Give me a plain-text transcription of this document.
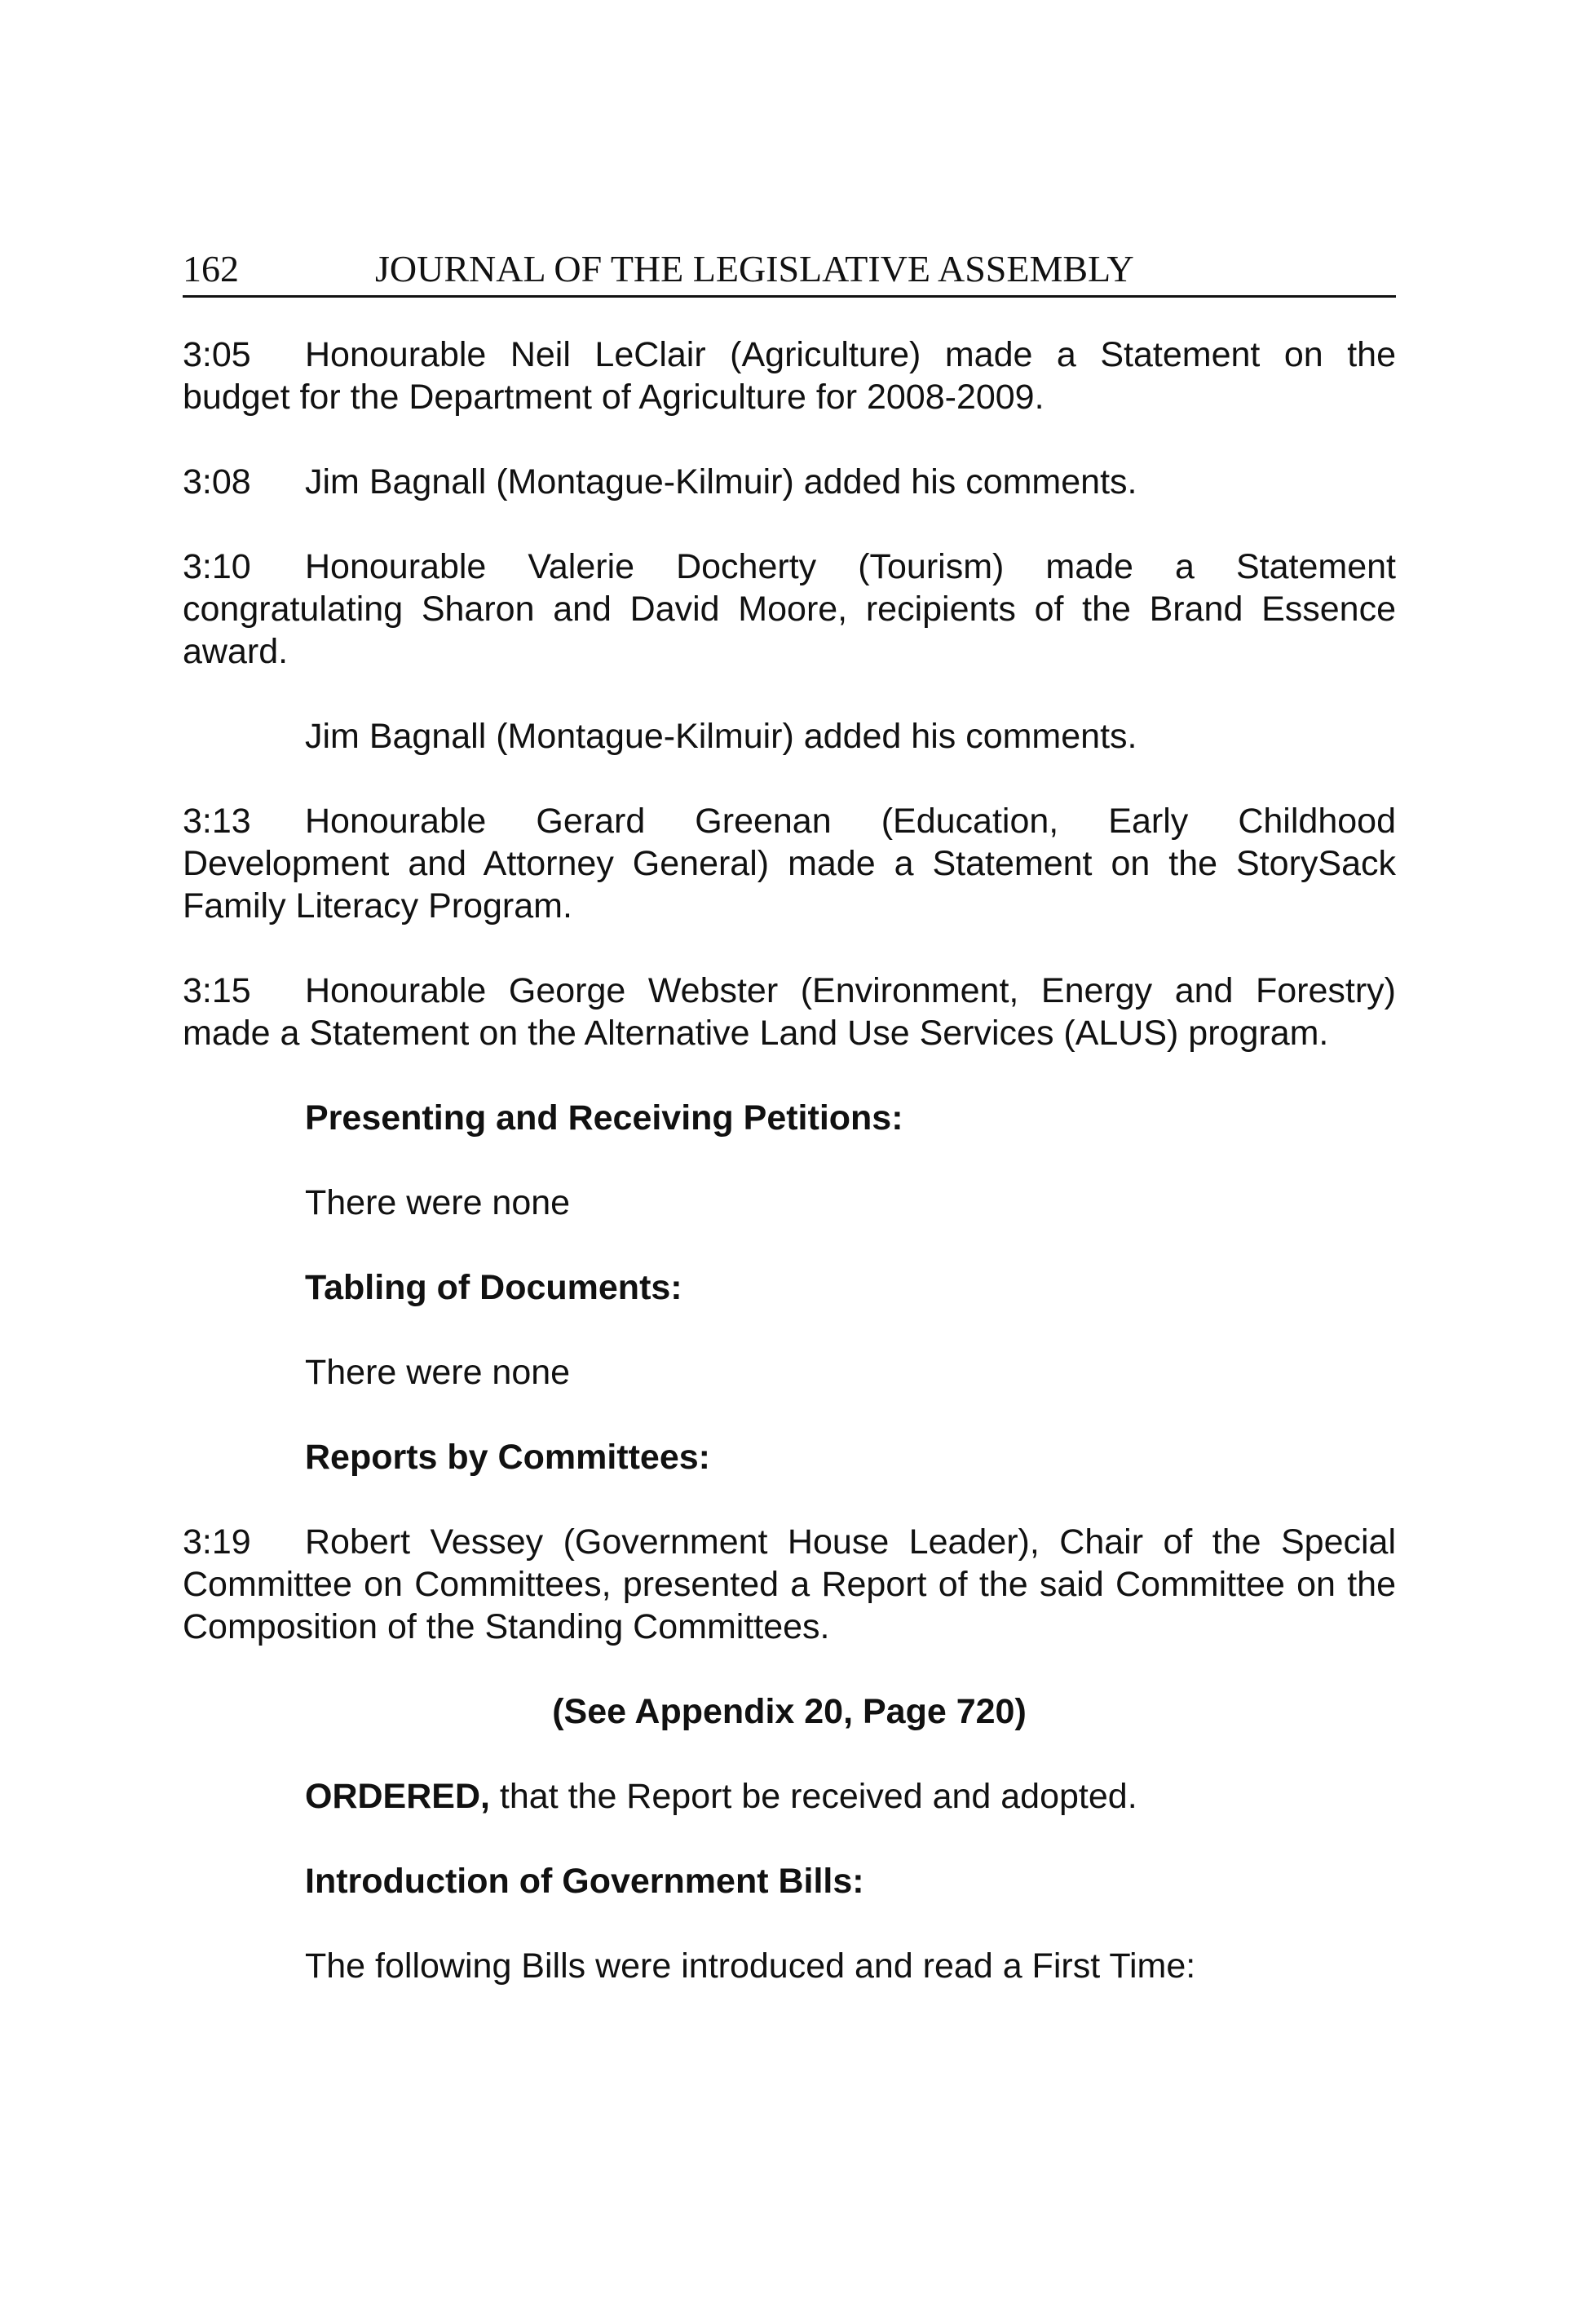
162	JOURNAL OF THE LEGISLATIVE ASSEMBLY

3:05 Honourable Neil LeClair (Agriculture) made a Statement on the budget for the Department of Agriculture for 2008-2009.

3:08 Jim Bagnall (Montague-Kilmuir) added his comments.

3:10 Honourable Valerie Docherty (Tourism) made a Statement congratulating Sharon and David Moore, recipients of the Brand Essence award.

Jim Bagnall (Montague-Kilmuir) added his comments.

3:13 Honourable Gerard Greenan (Education, Early Childhood Development and Attorney General) made a Statement on the StorySack Family Literacy Program.

3:15 Honourable George Webster (Environment, Energy and Forestry) made a Statement on the Alternative Land Use Services (ALUS) program.

Presenting and Receiving Petitions:

There were none

Tabling of Documents:

There were none

Reports by Committees:

3:19 Robert Vessey (Government House Leader), Chair of the Special Committee on Committees, presented a Report of the said Committee on the Composition of the Standing Committees.

(See Appendix 20, Page 720)

ORDERED, that the Report be received and adopted.

Introduction of Government Bills:

The following Bills were introduced and read a First Time:
